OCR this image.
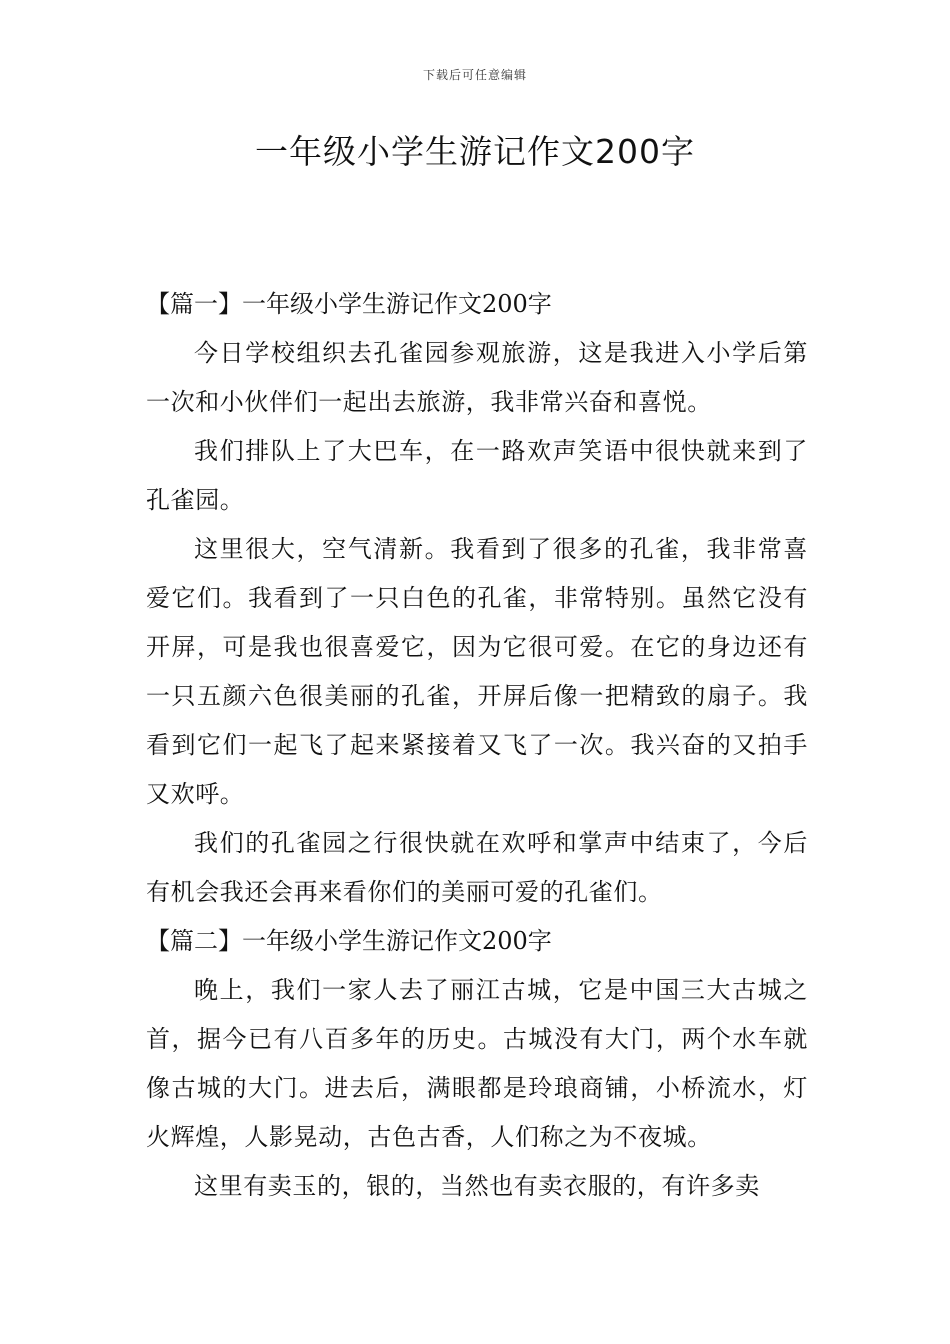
下载后可任意编辑
一年级小学生游记作文200字
【篇一】一年级小学生游记作文200字

今日学校组织去孔雀园参观旅游，这是我进入小学后第一次和小伙伴们一起出去旅游，我非常兴奋和喜悦。

我们排队上了大巴车，在一路欢声笑语中很快就来到了孔雀园。

这里很大，空气清新。我看到了很多的孔雀，我非常喜爱它们。我看到了一只白色的孔雀，非常特别。虽然它没有开屏，可是我也很喜爱它，因为它很可爱。在它的身边还有一只五颜六色很美丽的孔雀，开屏后像一把精致的扇子。我看到它们一起飞了起来紧接着又飞了一次。我兴奋的又拍手又欢呼。

我们的孔雀园之行很快就在欢呼和掌声中结束了，今后有机会我还会再来看你们的美丽可爱的孔雀们。

【篇二】一年级小学生游记作文200字

晚上，我们一家人去了丽江古城，它是中国三大古城之首，据今已有八百多年的历史。古城没有大门，两个水车就像古城的大门。进去后，满眼都是玲琅商铺，小桥流水，灯火辉煌，人影晃动，古色古香，人们称之为不夜城。

这里有卖玉的，银的，当然也有卖衣服的，有许多卖
